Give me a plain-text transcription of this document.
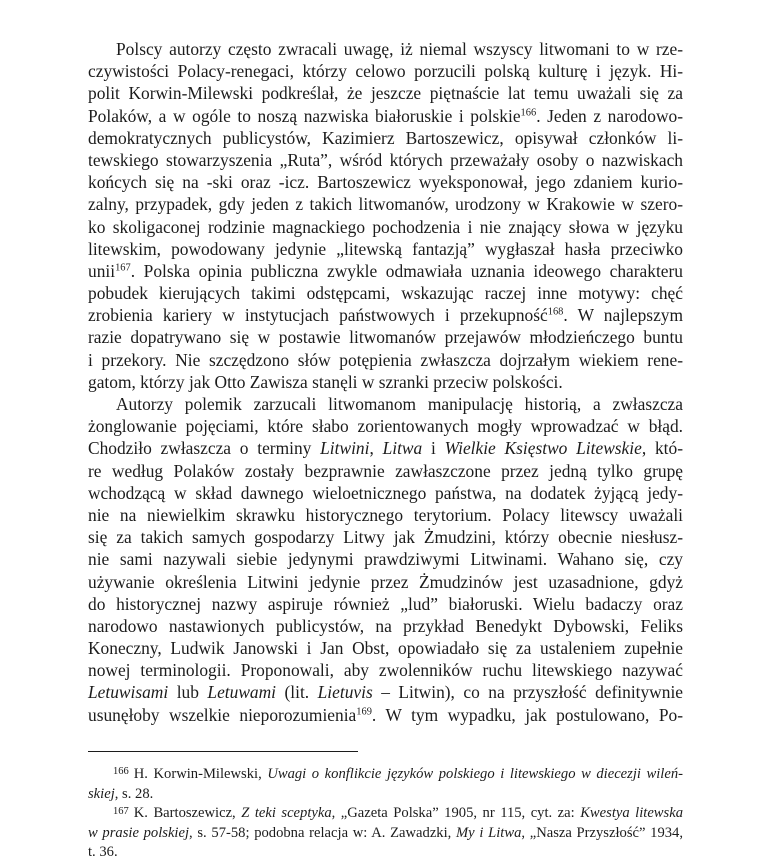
Polscy autorzy często zwracali uwagę, iż niemal wszyscy litwomani to w rze-
czywistości Polacy-renegaci, którzy celowo porzucili polską kulturę i język. Hi-
polit Korwin-Milewski podkreślał, że jeszcze piętnaście lat temu uważali się za
Polaków, a w ogóle to noszą nazwiska białoruskie i polskie$^{166}$. Jeden z narodowo-
demokratycznych publicystów, Kazimierz Bartoszewicz, opisywał członków li-
tewskiego stowarzyszenia „Ruta”, wśród których przeważały osoby o nazwiskach
końcych się na -ski oraz -icz. Bartoszewicz wyeksponował, jego zdaniem kurio-
zalny, przypadek, gdy jeden z takich litwomanów, urodzony w Krakowie w szero-
ko skoligaconej rodzinie magnackiego pochodzenia i nie znający słowa w języku
litewskim, powodowany jedynie „litewską fantazją” wygłaszał hasła przeciwko
unii$^{167}$. Polska opinia publiczna zwykle odmawiała uznania ideowego charakteru
pobudek kierujących takimi odstępcami, wskazując raczej inne motywy: chęć
zrobienia kariery w instytucjach państwowych i przekupność$^{168}$. W najlepszym
razie dopatrywano się w postawie litwomanów przejawów młodzieńczego buntu
i przekory. Nie szczędzono słów potępienia zwłaszcza dojrzałym wiekiem rene-
gatom, którzy jak Otto Zawisza stanęli w szranki przeciw polskości.
Autorzy polemik zarzucali litwomanom manipulację historią, a zwłaszcza
żonglowanie pojęciami, które słabo zorientowanych mogły wprowadzać w błąd.
Chodziło zwłaszcza o terminy Litwini, Litwa i Wielkie Księstwo Litewskie, któ-
re według Polaków zostały bezprawnie zawłaszczone przez jedną tylko grupę
wchodzącą w skład dawnego wieloetnicznego państwa, na dodatek żyjącą jedy-
nie na niewielkim skrawku historycznego terytorium. Polacy litewscy uważali
się za takich samych gospodarzy Litwy jak Żmudzini, którzy obecnie niesłusz-
nie sami nazywali siebie jedynymi prawdziwymi Litwinami. Wahano się, czy
używanie określenia Litwini jedynie przez Żmudzinów jest uzasadnione, gdyż
do historycznej nazwy aspiruje również „lud” białoruski. Wielu badaczy oraz
narodowo nastawionych publicystów, na przykład Benedykt Dybowski, Feliks
Koneczny, Ludwik Janowski i Jan Obst, opowiadało się za ustaleniem zupełnie
nowej terminologii. Proponowali, aby zwolenników ruchu litewskiego nazywać
Letuwisami lub Letuwami (lit. Lietuvis – Litwin), co na przyszłość definitywnie
usunęłoby wszelkie nieporozumienia$^{169}$. W tym wypadku, jak postulowano, Po-
$^{166}$ H. Korwin-Milewski, Uwagi o konflikcie języków polskiego i litewskiego w diecezji wileń-
skiej, s. 28.
$^{167}$ K. Bartoszewicz, Z teki sceptyka, „Gazeta Polska” 1905, nr 115, cyt. za: Kwestya litewska
w prasie polskiej, s. 57-58; podobna relacja w: A. Zawadzki, My i Litwa, „Nasza Przyszłość” 1934,
t. 36.
